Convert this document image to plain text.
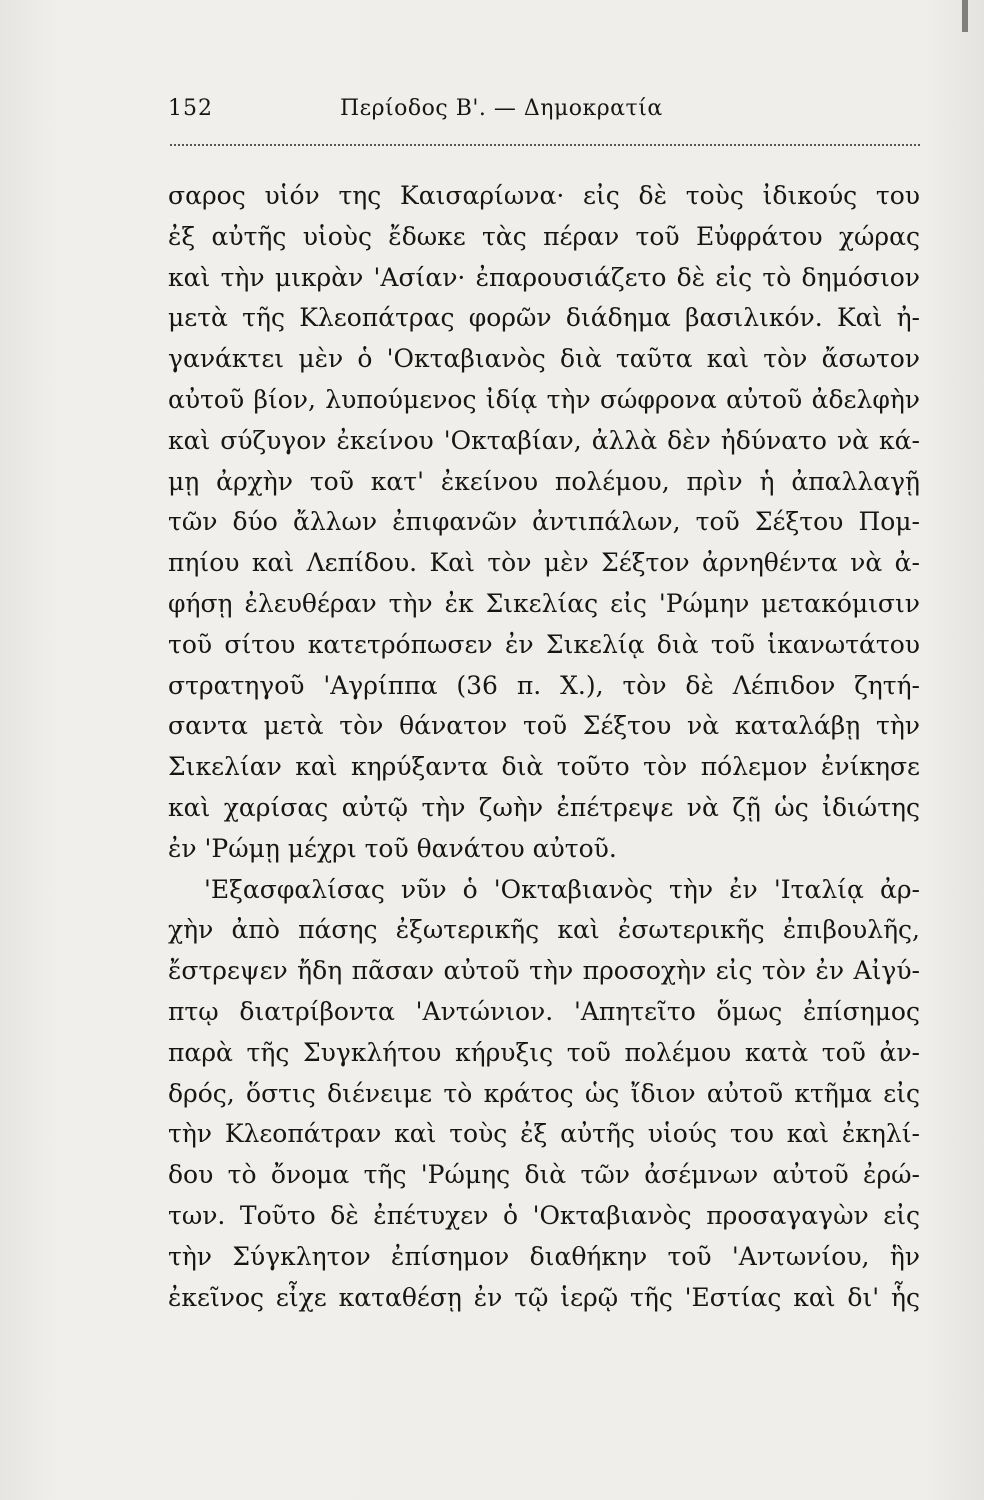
152	Περίοδος Β'. — Δημοκρατία
σαρος υἱόν της Καισαρίωνα· εἰς δὲ τοὺς ἰδικούς του
ἐξ αὐτῆς υἱοὺς ἔδωκε τὰς πέραν τοῦ Εὐφράτου χώρας
καὶ τὴν μικρὰν 'Ασίαν· ἐπαρουσιάζετο δὲ εἰς τὸ δημόσιον
μετὰ τῆς Κλεοπάτρας φορῶν διάδημα βασιλικόν. Καὶ ἠ-
γανάκτει μὲν ὁ 'Οκταβιανὸς διὰ ταῦτα καὶ τὸν ἄσωτον
αὐτοῦ βίον, λυπούμενος ἰδίᾳ τὴν σώφρονα αὐτοῦ ἀδελφὴν
καὶ σύζυγον ἐκείνου 'Οκταβίαν, ἀλλὰ δὲν ἠδύνατο νὰ κά-
μῃ ἀρχὴν τοῦ κατ' ἐκείνου πολέμου, πρὶν ἡ ἀπαλλαγῇ
τῶν δύο ἄλλων ἐπιφανῶν ἀντιπάλων, τοῦ Σέξτου Πομ-
πηίου καὶ Λεπίδου. Καὶ τὸν μὲν Σέξτον ἀρνηθέντα νὰ ἀ-
φήσῃ ἐλευθέραν τὴν ἐκ Σικελίας εἰς 'Ρώμην μετακόμισιν
τοῦ σίτου κατετρόπωσεν ἐν Σικελίᾳ διὰ τοῦ ἱκανωτάτου
στρατηγοῦ 'Αγρίππα (36 π. Χ.), τὸν δὲ Λέπιδον ζητή-
σαντα μετὰ τὸν θάνατον τοῦ Σέξτου νὰ καταλάβῃ τὴν
Σικελίαν καὶ κηρύξαντα διὰ τοῦτο τὸν πόλεμον ἐνίκησε
καὶ χαρίσας αὐτῷ τὴν ζωὴν ἐπέτρεψε νὰ ζῇ ὡς ἰδιώτης
ἐν 'Ρώμῃ μέχρι τοῦ θανάτου αὐτοῦ.
'Εξασφαλίσας νῦν ὁ 'Οκταβιανὸς τὴν ἐν 'Ιταλίᾳ ἀρ-
χὴν ἀπὸ πάσης ἐξωτερικῆς καὶ ἐσωτερικῆς ἐπιβουλῆς,
ἔστρεψεν ἤδη πᾶσαν αὐτοῦ τὴν προσοχὴν εἰς τὸν ἐν Αἰγύ-
πτῳ διατρίβοντα 'Αντώνιον. 'Απητεῖτο ὅμως ἐπίσημος
παρὰ τῆς Συγκλήτου κήρυξις τοῦ πολέμου κατὰ τοῦ ἀν-
δρός, ὅστις διένειμε τὸ κράτος ὡς ἴδιον αὐτοῦ κτῆμα εἰς
τὴν Κλεοπάτραν καὶ τοὺς ἐξ αὐτῆς υἱούς του καὶ ἐκηλί-
δου τὸ ὄνομα τῆς 'Ρώμης διὰ τῶν ἀσέμνων αὐτοῦ ἐρώ-
των. Τοῦτο δὲ ἐπέτυχεν ὁ 'Οκταβιανὸς προσαγαγὼν εἰς
τὴν Σύγκλητον ἐπίσημον διαθήκην τοῦ 'Αντωνίου, ἣν
ἐκεῖνος εἶχε καταθέσῃ ἐν τῷ ἱερῷ τῆς 'Εστίας καὶ δι' ἧς
